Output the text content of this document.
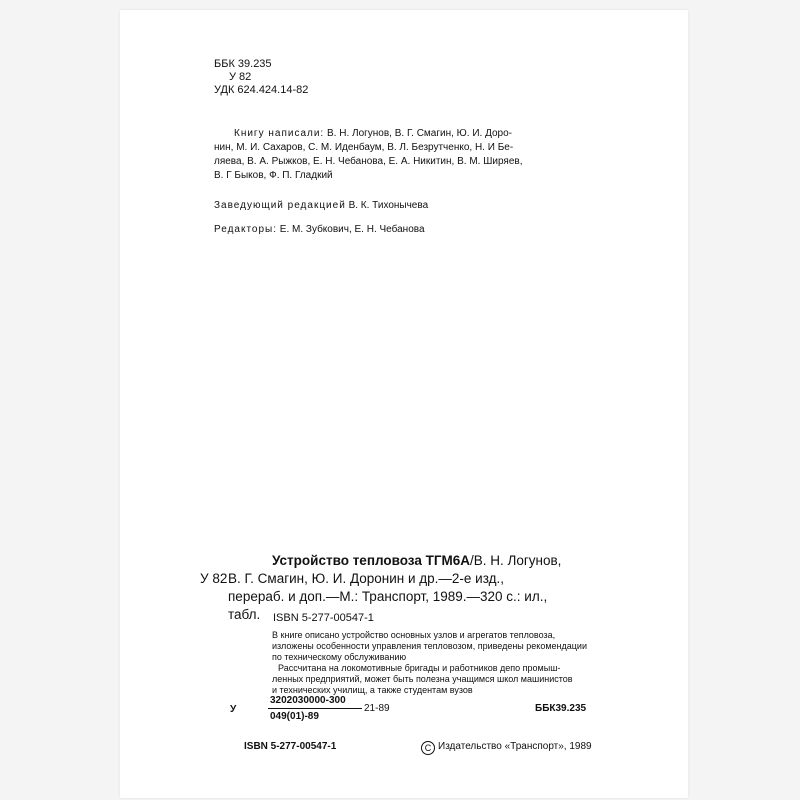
ББК 39.235
У 82
УДК 624.424.14-82
Книгу написали: В. Н. Логунов, В. Г. Смагин, Ю. И. Доро-
нин, М. И. Сахаров, С. М. Иденбаум, В. Л. Безрутченко, Н. И Бе-
ляева, В. А. Рыжков, Е. Н. Чебанова, Е. А. Никитин, В. М. Ширяев,
В. Г Быков, Ф. П. Гладкий
Заведующий редакцией В. К. Тихонычева
Редакторы: Е. М. Зубкович, Е. Н. Чебанова
Устройство тепловоза ТГМ6А/В. Н. Логунов,
У 82 В. Г. Смагин, Ю. И. Доронин и др.—2-е изд.,
перераб. и доп.—М.: Транспорт, 1989.—320 с.: ил.,
табл. ISBN 5-277-00547-1
В книге описано устройство основных узлов и агрегатов тепловоза,
изложены особенности управления тепловозом, приведены рекомендации
по техническому обслуживанию
Рассчитана на локомотивные бригады и работников депо промыш-
ленных предприятий, может быть полезна учащимся школ машинистов
и технических училищ, а также студентам вузов
У
3202030000-300
049(01)-89
21-89	ББК39.235
ISBN 5-277-00547-1	C Издательство «Транспорт», 1989
